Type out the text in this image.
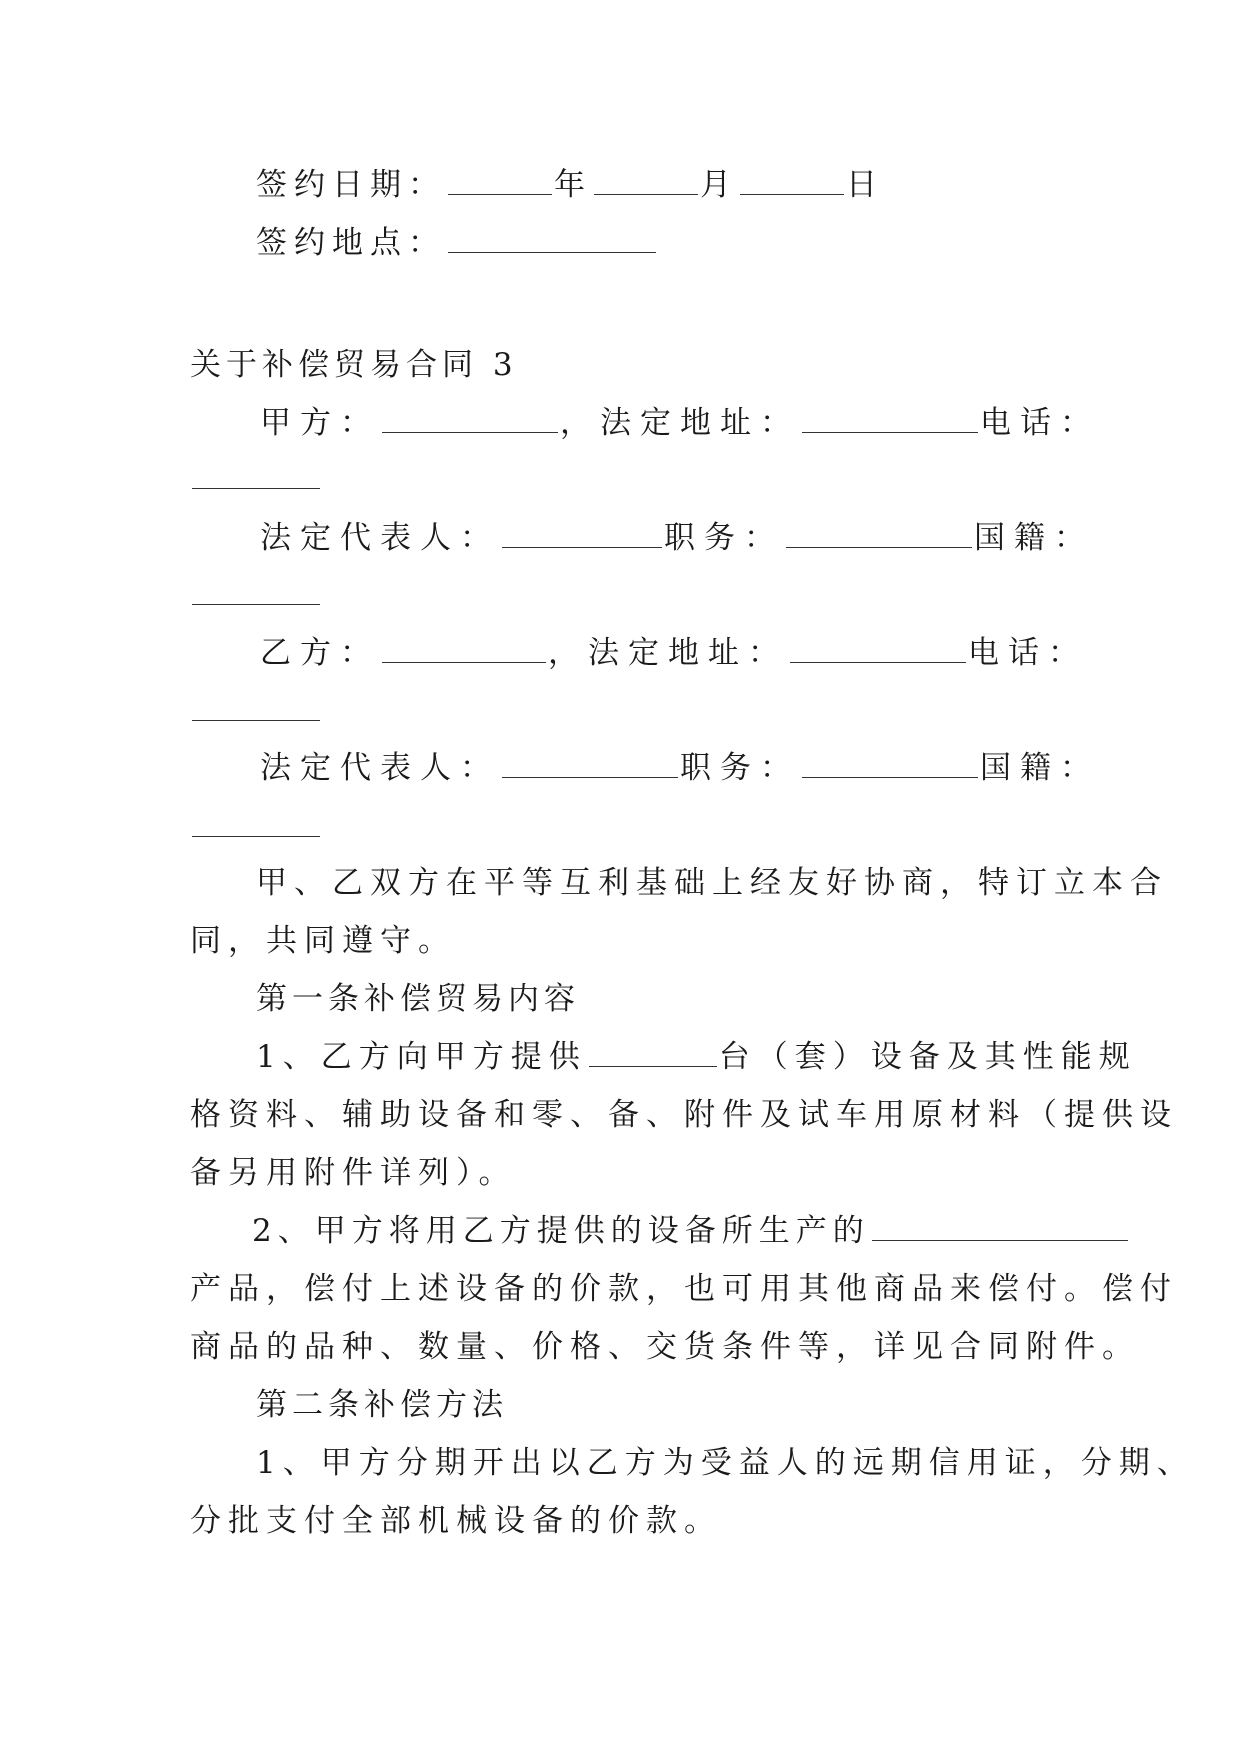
签约日期：	年	月	日

签约地点：

关于补偿贸易合同 3

甲方：	，法定地址：	电话：

法定代表人：	职务：	国籍：

乙方：	，法定地址：	电话：

法定代表人：	职务：	国籍：

甲、乙双方在平等互利基础上经友好协商，特订立本合

同，共同遵守。

第一条补偿贸易内容

1、乙方向甲方提供	台（套）设备及其性能规

格资料、辅助设备和零、备、附件及试车用原材料（提供设

备另用附件详列）。

2、甲方将用乙方提供的设备所生产的

产品，偿付上述设备的价款，也可用其他商品来偿付。偿付

商品的品种、数量、价格、交货条件等，详见合同附件。

第二条补偿方法

1、甲方分期开出以乙方为受益人的远期信用证，分期、

分批支付全部机械设备的价款。
